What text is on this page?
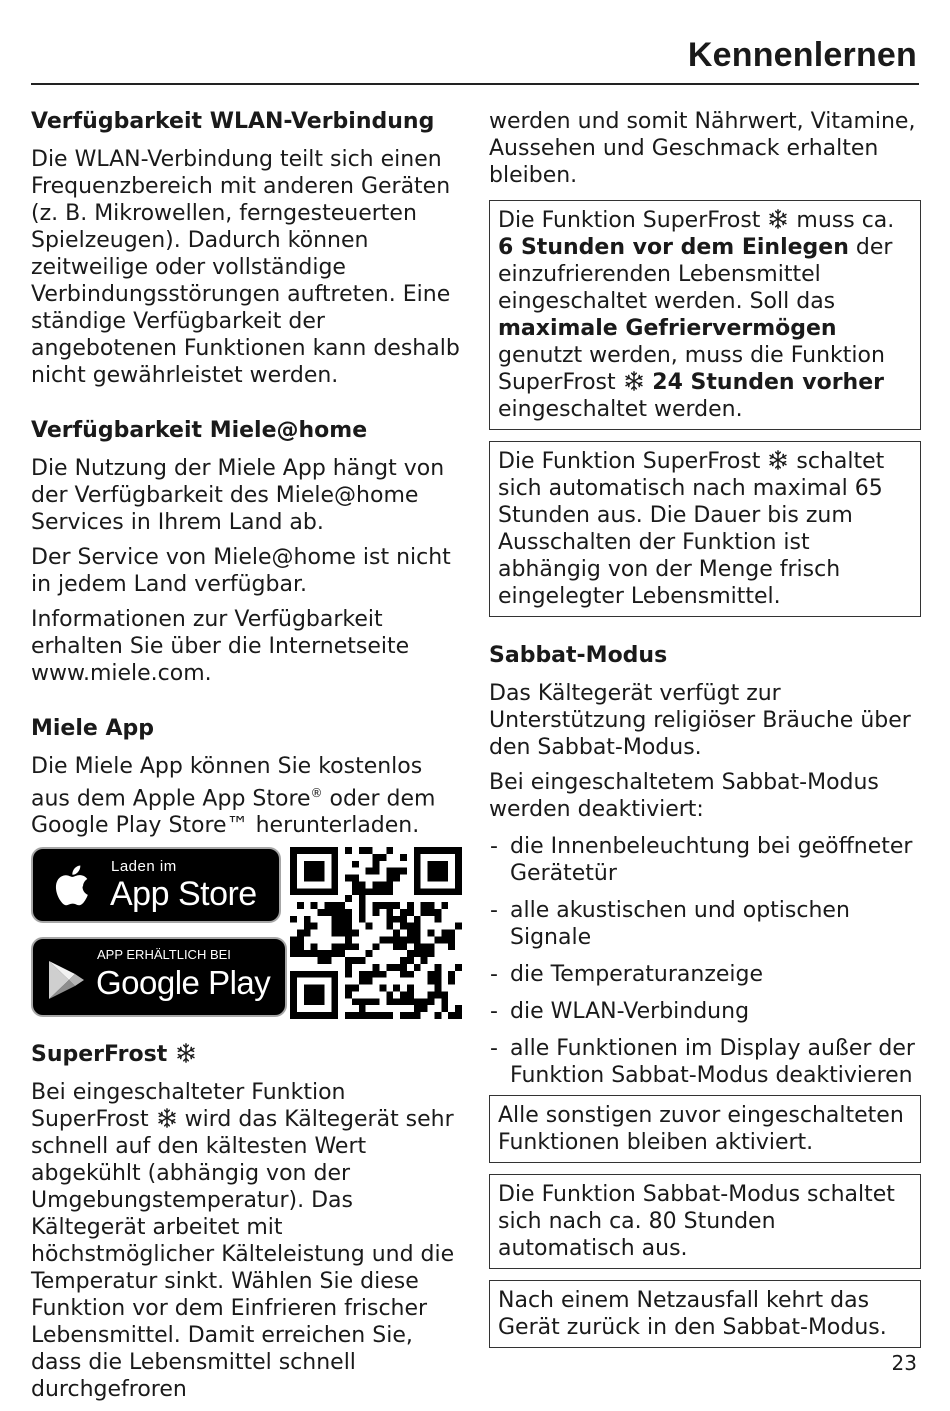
Kennenlernen
Verfügbarkeit WLAN-Verbindung
Die WLAN-Verbindung teilt sich einen Frequenzbereich mit anderen Geräten (z. B. Mikrowellen, ferngesteuerten Spielzeugen). Dadurch können zeitweilige oder vollständige Verbindungsstörungen auftreten. Eine ständige Verfügbarkeit der angebotenen Funktionen kann deshalb nicht gewährleistet werden.
Verfügbarkeit Miele@home
Die Nutzung der Miele App hängt von der Verfügbarkeit des Miele@home Services in Ihrem Land ab.
Der Service von Miele@home ist nicht in jedem Land verfügbar.
Informationen zur Verfügbarkeit erhalten Sie über die Internetseite www.miele.com.
Miele App
Die Miele App können Sie kostenlos aus dem Apple App Store® oder dem Google Play Store™ herunterladen.
Laden im
App Store
APP ERHÄLTLICH BEI
Google Play
SuperFrost
Bei eingeschalteter Funktion SuperFrost  wird das Kältegerät sehr schnell auf den kältesten Wert abgekühlt (abhängig von der Umgebungstemperatur). Das Kältegerät arbeitet mit höchstmöglicher Kälteleistung und die Temperatur sinkt. Wählen Sie diese Funktion vor dem Einfrieren frischer Lebensmittel. Damit erreichen Sie, dass die Lebensmittel schnell durchgefroren
werden und somit Nährwert, Vitamine, Aussehen und Geschmack erhalten bleiben.
Die Funktion SuperFrost  muss ca. 6 Stunden vor dem Einlegen der einzufrierenden Lebensmittel eingeschaltet werden. Soll das maximale Gefriervermögen genutzt werden, muss die Funktion SuperFrost  24 Stunden vorher eingeschaltet werden.
Die Funktion SuperFrost  schaltet sich automatisch nach maximal 65 Stunden aus. Die Dauer bis zum Ausschalten der Funktion ist abhängig von der Menge frisch eingelegter Lebensmittel.
Sabbat-Modus
Das Kältegerät verfügt zur Unterstützung religiöser Bräuche über den Sabbat-Modus.
Bei eingeschaltetem Sabbat-Modus werden deaktiviert:
- die Innenbeleuchtung bei geöffneter Gerätetür
- alle akustischen und optischen Signale
- die Temperaturanzeige
- die WLAN-Verbindung
- alle Funktionen im Display außer der Funktion Sabbat-Modus deaktivieren
Alle sonstigen zuvor eingeschalteten Funktionen bleiben aktiviert.
Die Funktion Sabbat-Modus schaltet sich nach ca. 80 Stunden automatisch aus.
Nach einem Netzausfall kehrt das Gerät zurück in den Sabbat-Modus.
23
